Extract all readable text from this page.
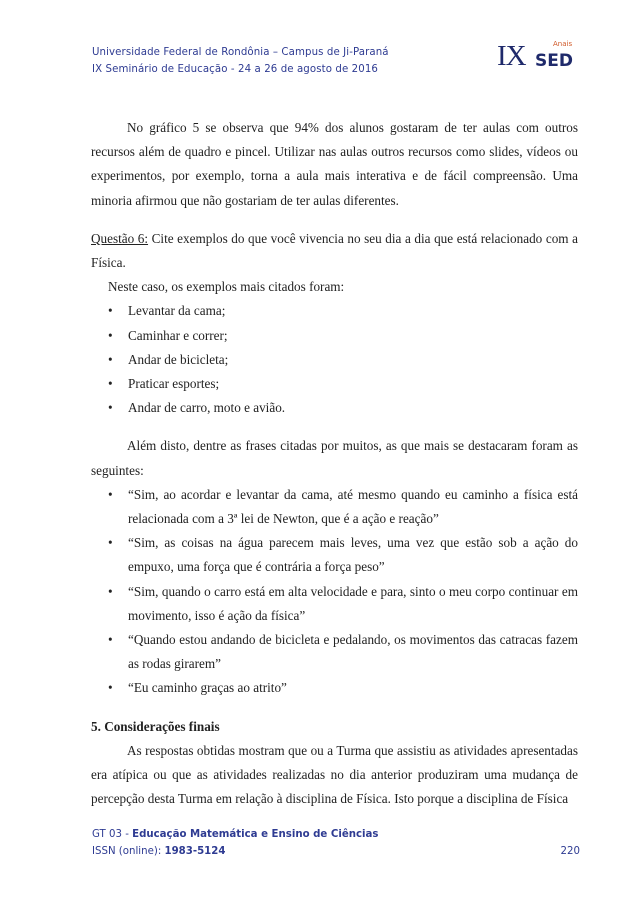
Universidade Federal de Rondônia – Campus de Ji-Paraná
IX Seminário de Educação - 24 a 26 de agosto de 2016	IX	Anais
SED

No gráfico 5 se observa que 94% dos alunos gostaram de ter aulas com outros recursos além de quadro e pincel. Utilizar nas aulas outros recursos como slides, vídeos ou experimentos, por exemplo, torna a aula mais interativa e de fácil compreensão. Uma minoria afirmou que não gostariam de ter aulas diferentes.

Questão 6: Cite exemplos do que você vivencia no seu dia a dia que está relacionado com a Física.

Neste caso, os exemplos mais citados foram:

• Levantar da cama;
• Caminhar e correr;
• Andar de bicicleta;
• Praticar esportes;
• Andar de carro, moto e avião.

Além disto, dentre as frases citadas por muitos, as que mais se destacaram foram as seguintes:

• “Sim, ao acordar e levantar da cama, até mesmo quando eu caminho a física está relacionada com a 3ª lei de Newton, que é a ação e reação”
• “Sim, as coisas na água parecem mais leves, uma vez que estão sob a ação do empuxo, uma força que é contrária a força peso”
• “Sim, quando o carro está em alta velocidade e para, sinto o meu corpo continuar em movimento, isso é ação da física”
• “Quando estou andando de bicicleta e pedalando, os movimentos das catracas fazem as rodas girarem”
• “Eu caminho graças ao atrito”

5. Considerações finais

As respostas obtidas mostram que ou a Turma que assistiu as atividades apresentadas era atípica ou que as atividades realizadas no dia anterior produziram uma mudança de percepção desta Turma em relação à disciplina de Física. Isto porque a disciplina de Física

GT 03 - Educação Matemática e Ensino de Ciências
ISSN (online): 1983-5124	220
